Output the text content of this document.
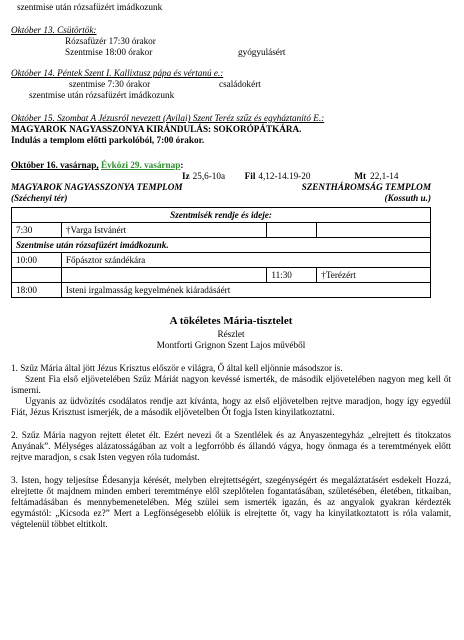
szentmise után rózsafüzért imádkozunk

Október 13. Csütörtök:

Rózsafüzér 17:30 órakor

Szentmise 18:00 órakor	gyógyulásért

Október 14. Péntek Szent I. Kallixtusz pápa és vértanú e.:

szentmise 7:30 órakor	családokért

szentmise után rózsafüzért imádkozunk

Október 15. Szombat A Jézusról nevezett (Avilai) Szent Teréz szűz és egyháztanító E.:

MAGYAROK NAGYASSZONYA KIRÁNDULÁS: SOKORÓPÁTKÁRA.

Indulás a templom előtti parkolóból, 7:00 órakor.

Október 16. vasárnap, Évközi 29. vasárnap:

Iz 25,6-10a	Fil 4,12-14.19-20	Mt 22,1-14
MAGYAROK NAGYASSZONYA TEMPLOM	SZENTHÁROMSÁG TEMPLOM
(Széchenyi tér)	(Kossuth u.)
Szentmisék rendje és ideje:			
7:30	†Varga Istvánért		
Szentmise után rózsafüzért imádkozunk.			
10:00	Főpásztor szándékára		
		11:30	†Terézért
18:00	Isteni irgalmasság kegyelmének kiáradásáért		

A tökéletes Mária-tisztelet

Részlet

Montforti Grignon Szent Lajos művéből

1. Szűz Mária által jött Jézus Krisztus először e világra, Ő által kell eljönnie másodszor is.

Szent Fia első eljövetelében Szűz Máriát nagyon kevéssé ismerték, de második eljövetelében nagyon meg kell őt ismerni.

Ugyanis az üdvözítés csodálatos rendje azt kívánta, hogy az első eljövetelben rejtve maradjon, hogy így egyedül Fiát, Jézus Krisztust ismerjék, de a második eljövetelben Őt fogja Isten kinyilatkoztatni.

2. Szűz Mária nagyon rejtett életet élt. Ezért nevezi őt a Szentlélek és az Anyaszentegyház „elrejtett és titokzatos Anyának”. Mélységes alázatosságában az volt a legforróbb és állandó vágya, hogy önmaga és a teremtmények előtt rejtve maradjon, s csak Isten vegyen róla tudomást.

3. Isten, hogy teljesítse Édesanyja kérését, melyben elrejtettségért, szegénységért és megaláztatásért esdekelt Hozzá, elrejtette őt majdnem minden emberi teremtménye elől szeplőtelen fogantatásában, születésében, életében, titkaiban, feltámadásában és mennybemenetelében. Még szülei sem ismerték igazán, és az angyalok gyakran kérdezték egymástól: „Kicsoda ez?” Mert a Legfönségesebb elólük is elrejtette őt, vagy ha kinyilatkoztatott is róla valamit, végtelenül többet eltitkolt.
